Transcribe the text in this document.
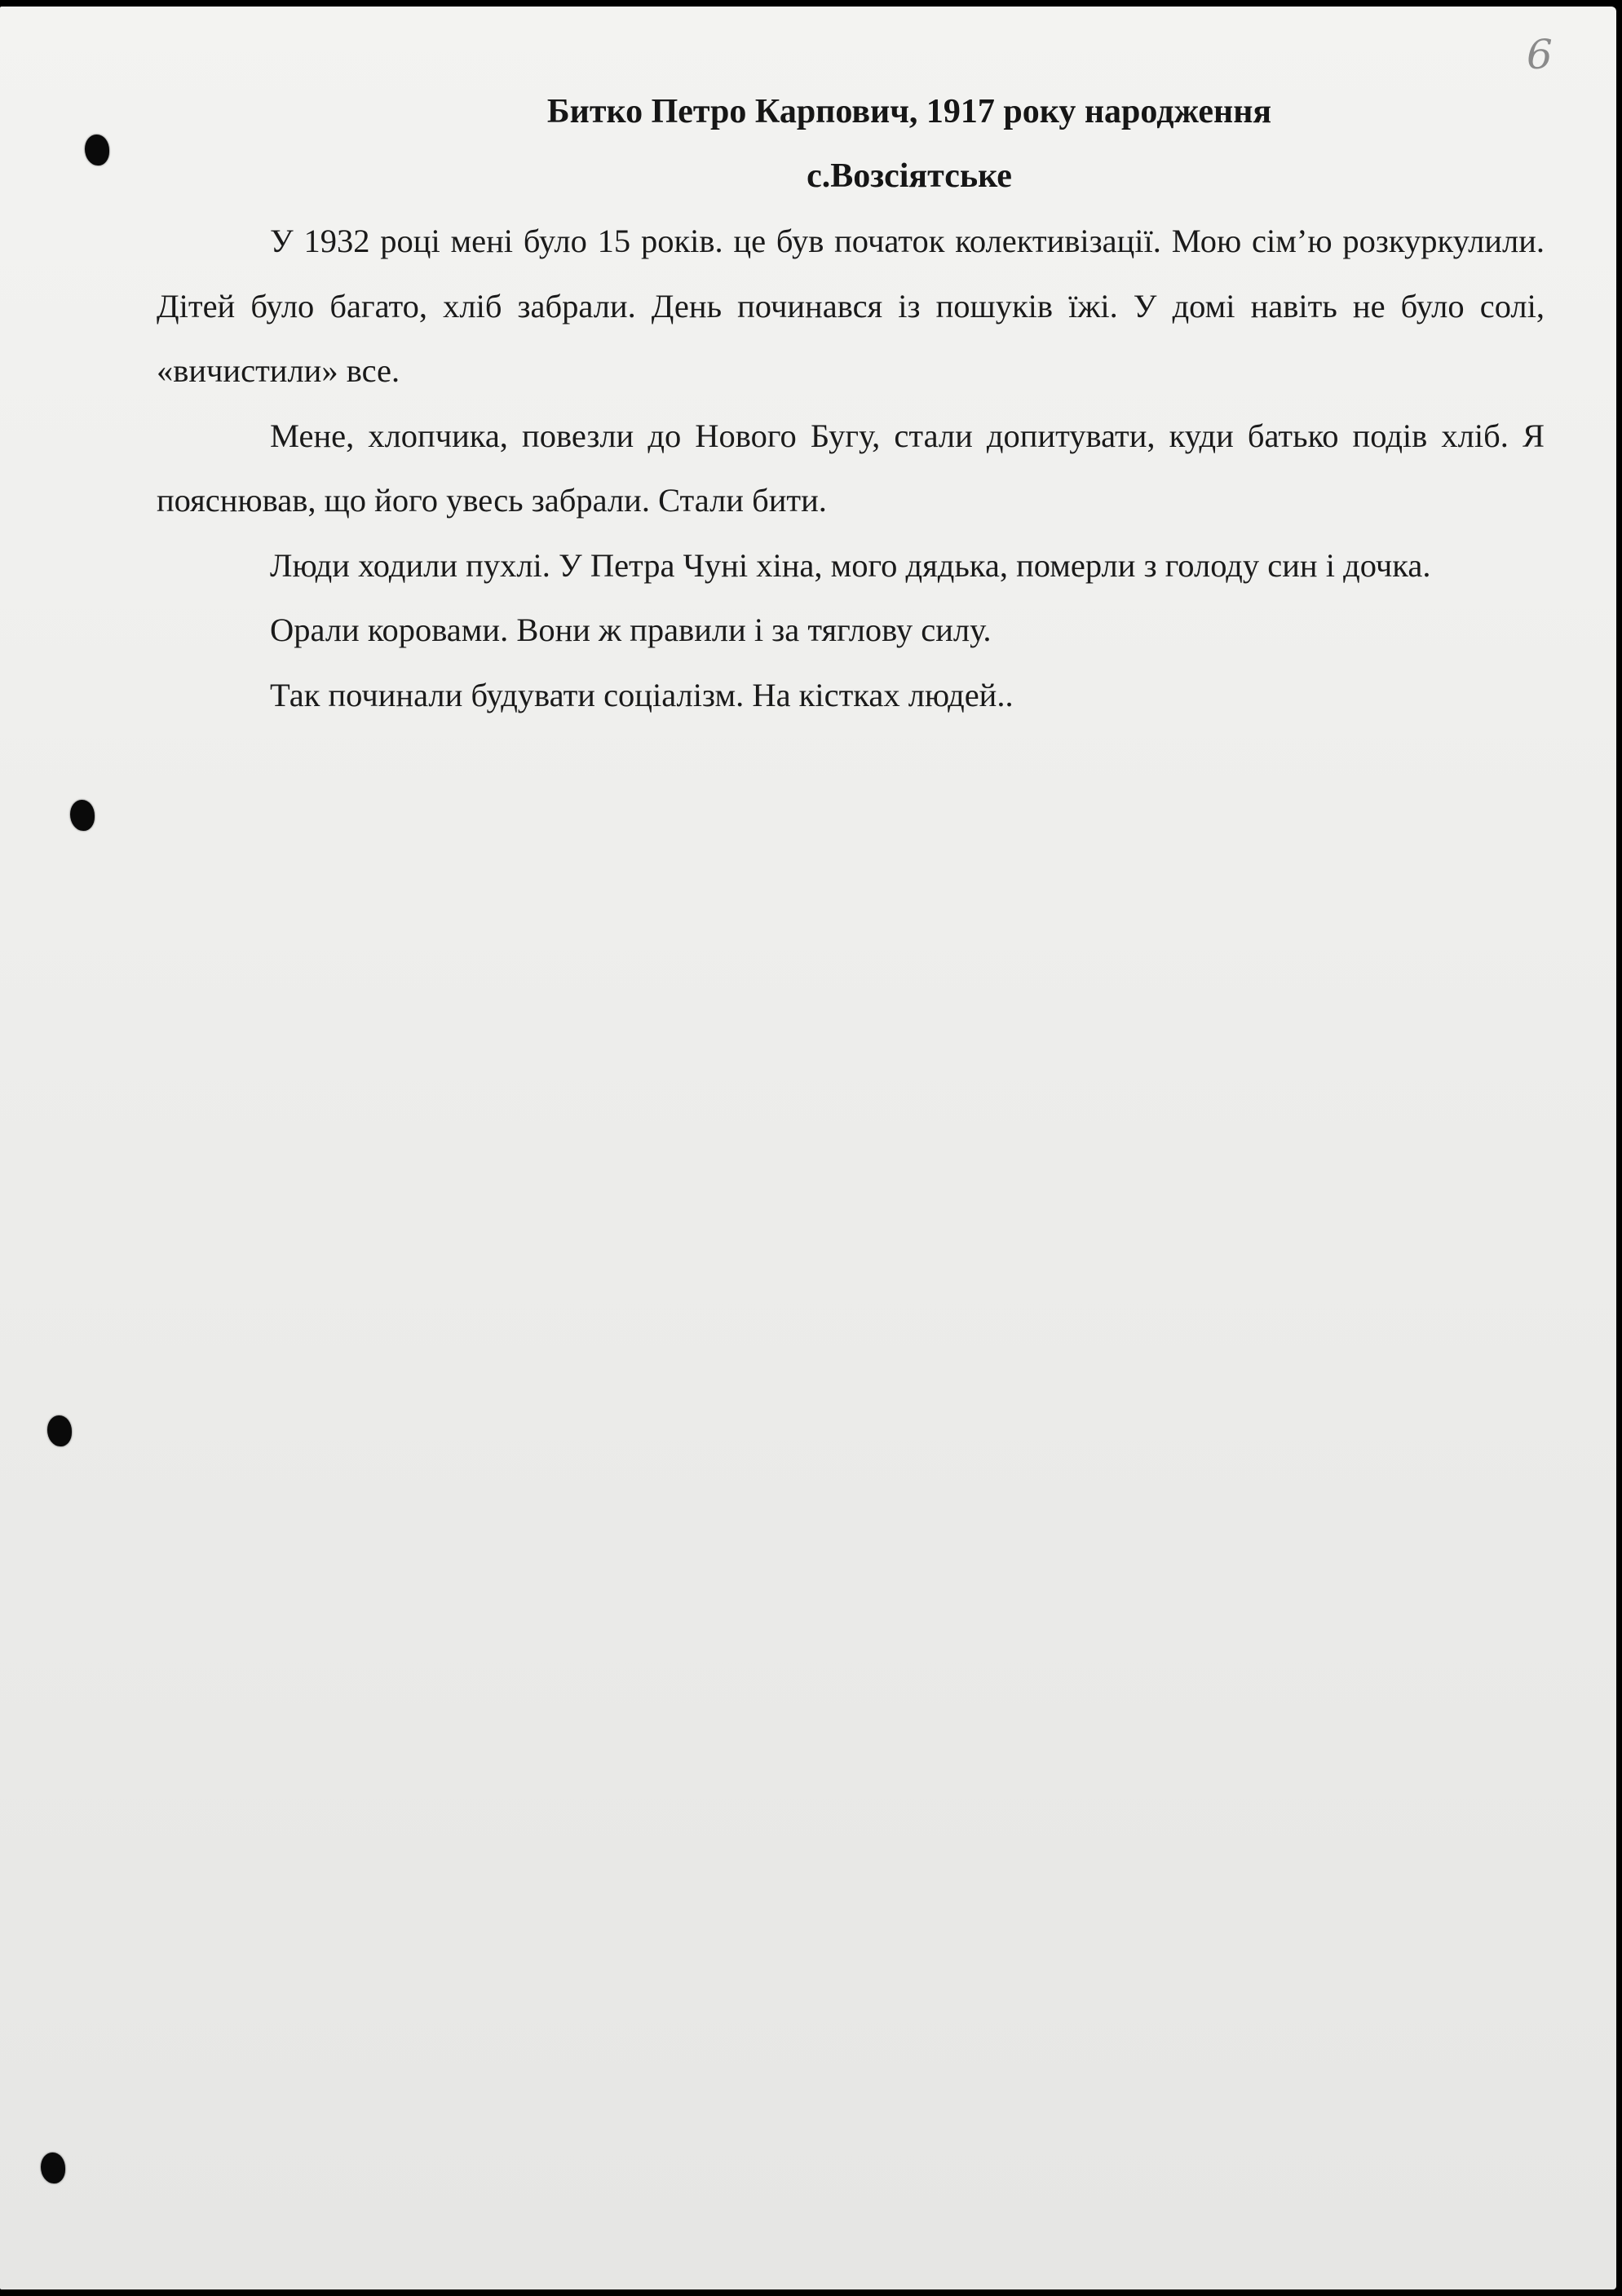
6
Битко Петро Карпович, 1917 року народження
с.Возсіятське

У 1932 році мені було 15 років. це був початок колективізації. Мою сім’ю розкуркулили. Дітей було багато, хліб забрали. День починався із пошуків їжі. У домі навіть не було солі, «вичистили» все.

Мене, хлопчика, повезли до Нового Бугу, стали допитувати, куди батько подів хліб. Я пояснював, що його увесь забрали. Стали бити.

Люди ходили пухлі. У Петра Чуні хіна, мого дядька, померли з голоду син і дочка.

Орали коровами. Вони ж правили і за тяглову силу.

Так починали будувати соціалізм. На кістках людей..
